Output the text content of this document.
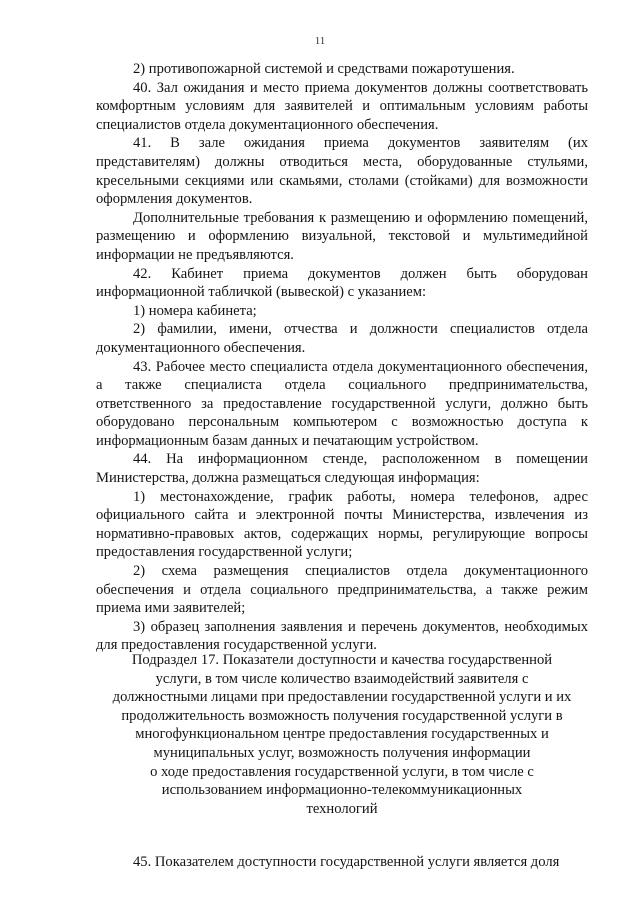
11

2) противопожарной системой и средствами пожаротушения.

40. Зал ожидания и место приема документов должны соответствовать комфортным условиям для заявителей и оптимальным условиям работы специалистов отдела документационного обеспечения.

41. В зале ожидания приема документов заявителям (их представителям) должны отводиться места, оборудованные стульями, кресельными секциями или скамьями, столами (стойками) для возможности оформления документов.

Дополнительные требования к размещению и оформлению помещений, размещению и оформлению визуальной, текстовой и мультимедийной информации не предъявляются.

42. Кабинет приема документов должен быть оборудован информационной табличкой (вывеской) с указанием:

1) номера кабинета;

2) фамилии, имени, отчества и должности специалистов отдела документационного обеспечения.

43. Рабочее место специалиста отдела документационного обеспечения, а также специалиста отдела социального предпринимательства, ответственного за предоставление государственной услуги, должно быть оборудовано персональным компьютером с возможностью доступа к информационным базам данных и печатающим устройством.

44. На информационном стенде, расположенном в помещении Министерства, должна размещаться следующая информация:

1) местонахождение, график работы, номера телефонов, адрес официального сайта и электронной почты Министерства, извлечения из нормативно-правовых актов, содержащих нормы, регулирующие вопросы предоставления государственной услуги;

2) схема размещения специалистов отдела документационного обеспечения и отдела социального предпринимательства, а также режим приема ими заявителей;

3) образец заполнения заявления и перечень документов, необходимых для предоставления государственной услуги.

Подраздел 17. Показатели доступности и качества государственной
услуги, в том числе количество взаимодействий заявителя с
должностными лицами при предоставлении государственной услуги и их
продолжительность возможность получения государственной услуги в
многофункциональном центре предоставления государственных и
муниципальных услуг, возможность получения информации
о ходе предоставления государственной услуги, в том числе с
использованием информационно-телекоммуникационных
технологий

45. Показателем доступности государственной услуги является доля
